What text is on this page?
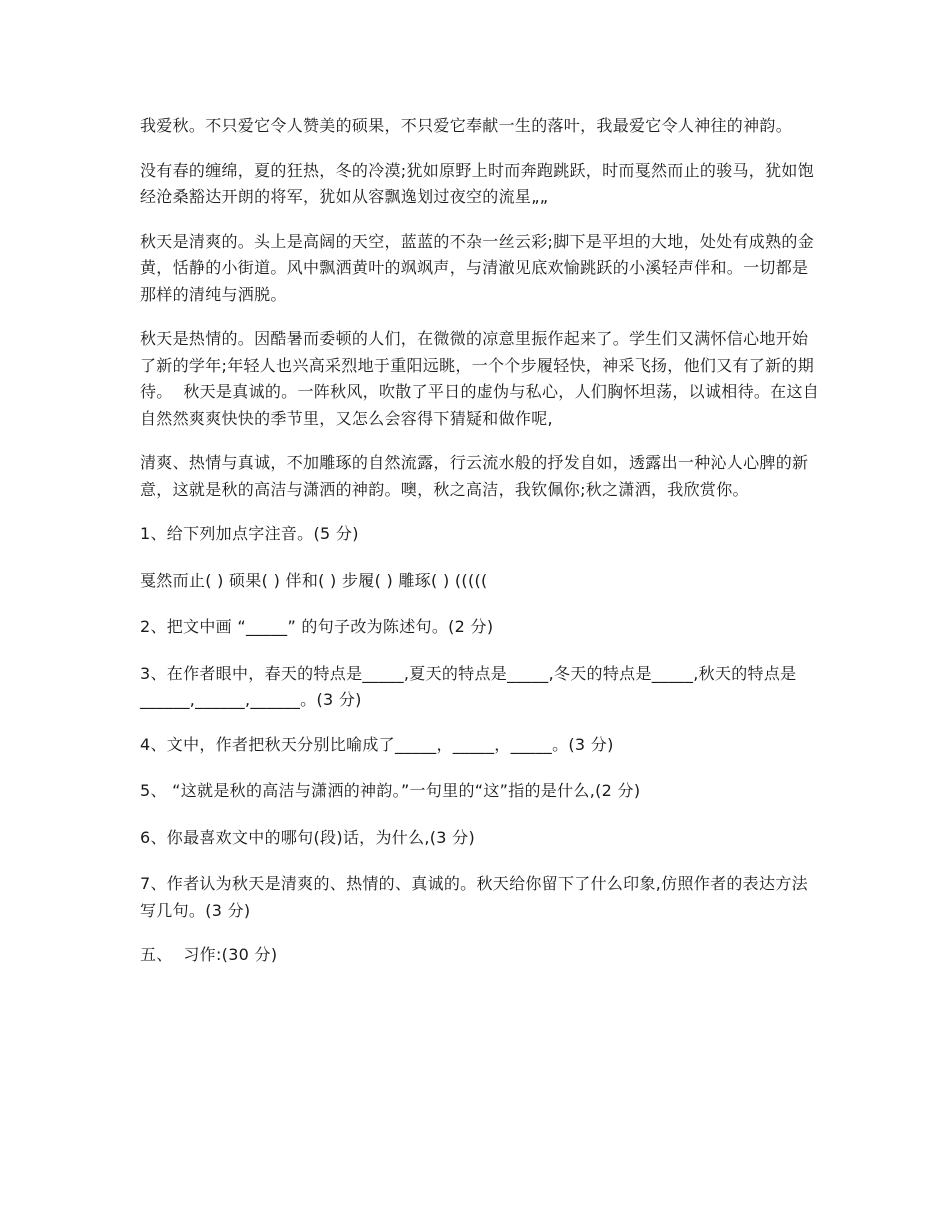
我爱秋。不只爱它令人赞美的硕果，不只爱它奉献一生的落叶，我最爱它令人神往的神韵。

没有春的缠绵，夏的狂热，冬的冷漠;犹如原野上时而奔跑跳跃，时而戛然而止的骏马，犹如饱经沧桑豁达开朗的将军，犹如从容飘逸划过夜空的流星„„

秋天是清爽的。头上是高阔的天空，蓝蓝的不杂一丝云彩;脚下是平坦的大地，处处有成熟的金黄，恬静的小街道。风中飘洒黄叶的飒飒声，与清澈见底欢愉跳跃的小溪轻声伴和。一切都是那样的清纯与洒脱。

秋天是热情的。因酷暑而委顿的人们，在微微的凉意里振作起来了。学生们又满怀信心地开始了新的学年;年轻人也兴高采烈地于重阳远眺，一个个步履轻快，神采飞扬，他们又有了新的期待。  秋天是真诚的。一阵秋风，吹散了平日的虚伪与私心，人们胸怀坦荡，以诚相待。在这自自然然爽爽快快的季节里，又怎么会容得下猜疑和做作呢,

清爽、热情与真诚，不加雕琢的自然流露，行云流水般的抒发自如，透露出一种沁人心脾的新意，这就是秋的高洁与潇洒的神韵。噢，秋之高洁，我钦佩你;秋之潇洒，我欣赏你。

1、给下列加点字注音。(5 分)

戛然而止( ) 硕果( ) 伴和( ) 步履( ) 雕琢( ) (((((

2、把文中画 “_____” 的句子改为陈述句。(2 分)

3、在作者眼中，春天的特点是_____,夏天的特点是_____,冬天的特点是_____,秋天的特点是______,______,______。(3 分)

4、文中，作者把秋天分别比喻成了_____，_____，_____。(3 分)

5、 “这就是秋的高洁与潇洒的神韵。”一句里的“这”指的是什么,(2 分)

6、你最喜欢文中的哪句(段)话，为什么,(3 分)

7、作者认为秋天是清爽的、热情的、真诚的。秋天给你留下了什么印象,仿照作者的表达方法写几句。(3 分)

五、  习作:(30 分)
